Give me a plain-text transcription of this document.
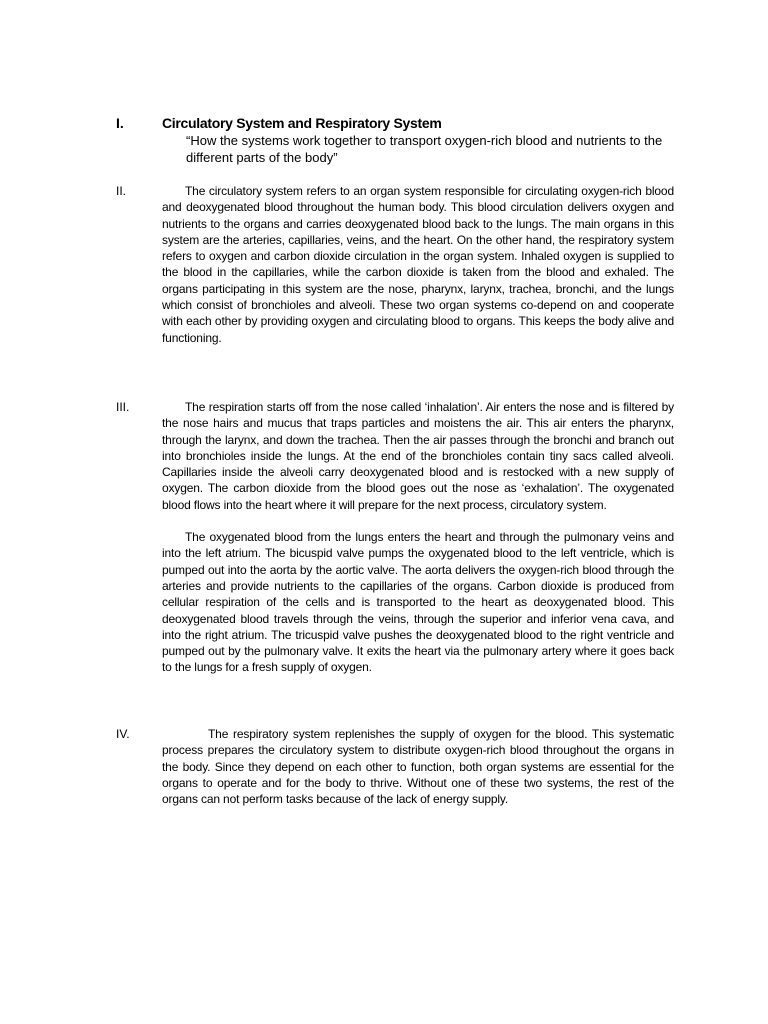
I.	Circulatory System and Respiratory System
“How the systems work together to transport oxygen-rich blood and nutrients to the different parts of the body”
II.	The circulatory system refers to an organ system responsible for circulating oxygen-rich blood and deoxygenated blood throughout the human body. This blood circulation delivers oxygen and nutrients to the organs and carries deoxygenated blood back to the lungs. The main organs in this system are the arteries, capillaries, veins, and the heart. On the other hand, the respiratory system refers to oxygen and carbon dioxide circulation in the organ system. Inhaled oxygen is supplied to the blood in the capillaries, while the carbon dioxide is taken from the blood and exhaled. The organs participating in this system are the nose, pharynx, larynx, trachea, bronchi, and the lungs which consist of bronchioles and alveoli. These two organ systems co-depend on and cooperate with each other by providing oxygen and circulating blood to organs. This keeps the body alive and functioning.

III.	The respiration starts off from the nose called ‘inhalation’. Air enters the nose and is filtered by the nose hairs and mucus that traps particles and moistens the air. This air enters the pharynx, through the larynx, and down the trachea. Then the air passes through the bronchi and branch out into bronchioles inside the lungs. At the end of the bronchioles contain tiny sacs called alveoli. Capillaries inside the alveoli carry deoxygenated blood and is restocked with a new supply of oxygen. The carbon dioxide from the blood goes out the nose as ‘exhalation’. The oxygenated blood flows into the heart where it will prepare for the next process, circulatory system.

The oxygenated blood from the lungs enters the heart and through the pulmonary veins and into the left atrium. The bicuspid valve pumps the oxygenated blood to the left ventricle, which is pumped out into the aorta by the aortic valve. The aorta delivers the oxygen-rich blood through the arteries and provide nutrients to the capillaries of the organs. Carbon dioxide is produced from cellular respiration of the cells and is transported to the heart as deoxygenated blood. This deoxygenated blood travels through the veins, through the superior and inferior vena cava, and into the right atrium. The tricuspid valve pushes the deoxygenated blood to the right ventricle and pumped out by the pulmonary valve. It exits the heart via the pulmonary artery where it goes back to the lungs for a fresh supply of oxygen.

IV.	The respiratory system replenishes the supply of oxygen for the blood. This systematic process prepares the circulatory system to distribute oxygen-rich blood throughout the organs in the body. Since they depend on each other to function, both organ systems are essential for the organs to operate and for the body to thrive. Without one of these two systems, the rest of the organs can not perform tasks because of the lack of energy supply.
